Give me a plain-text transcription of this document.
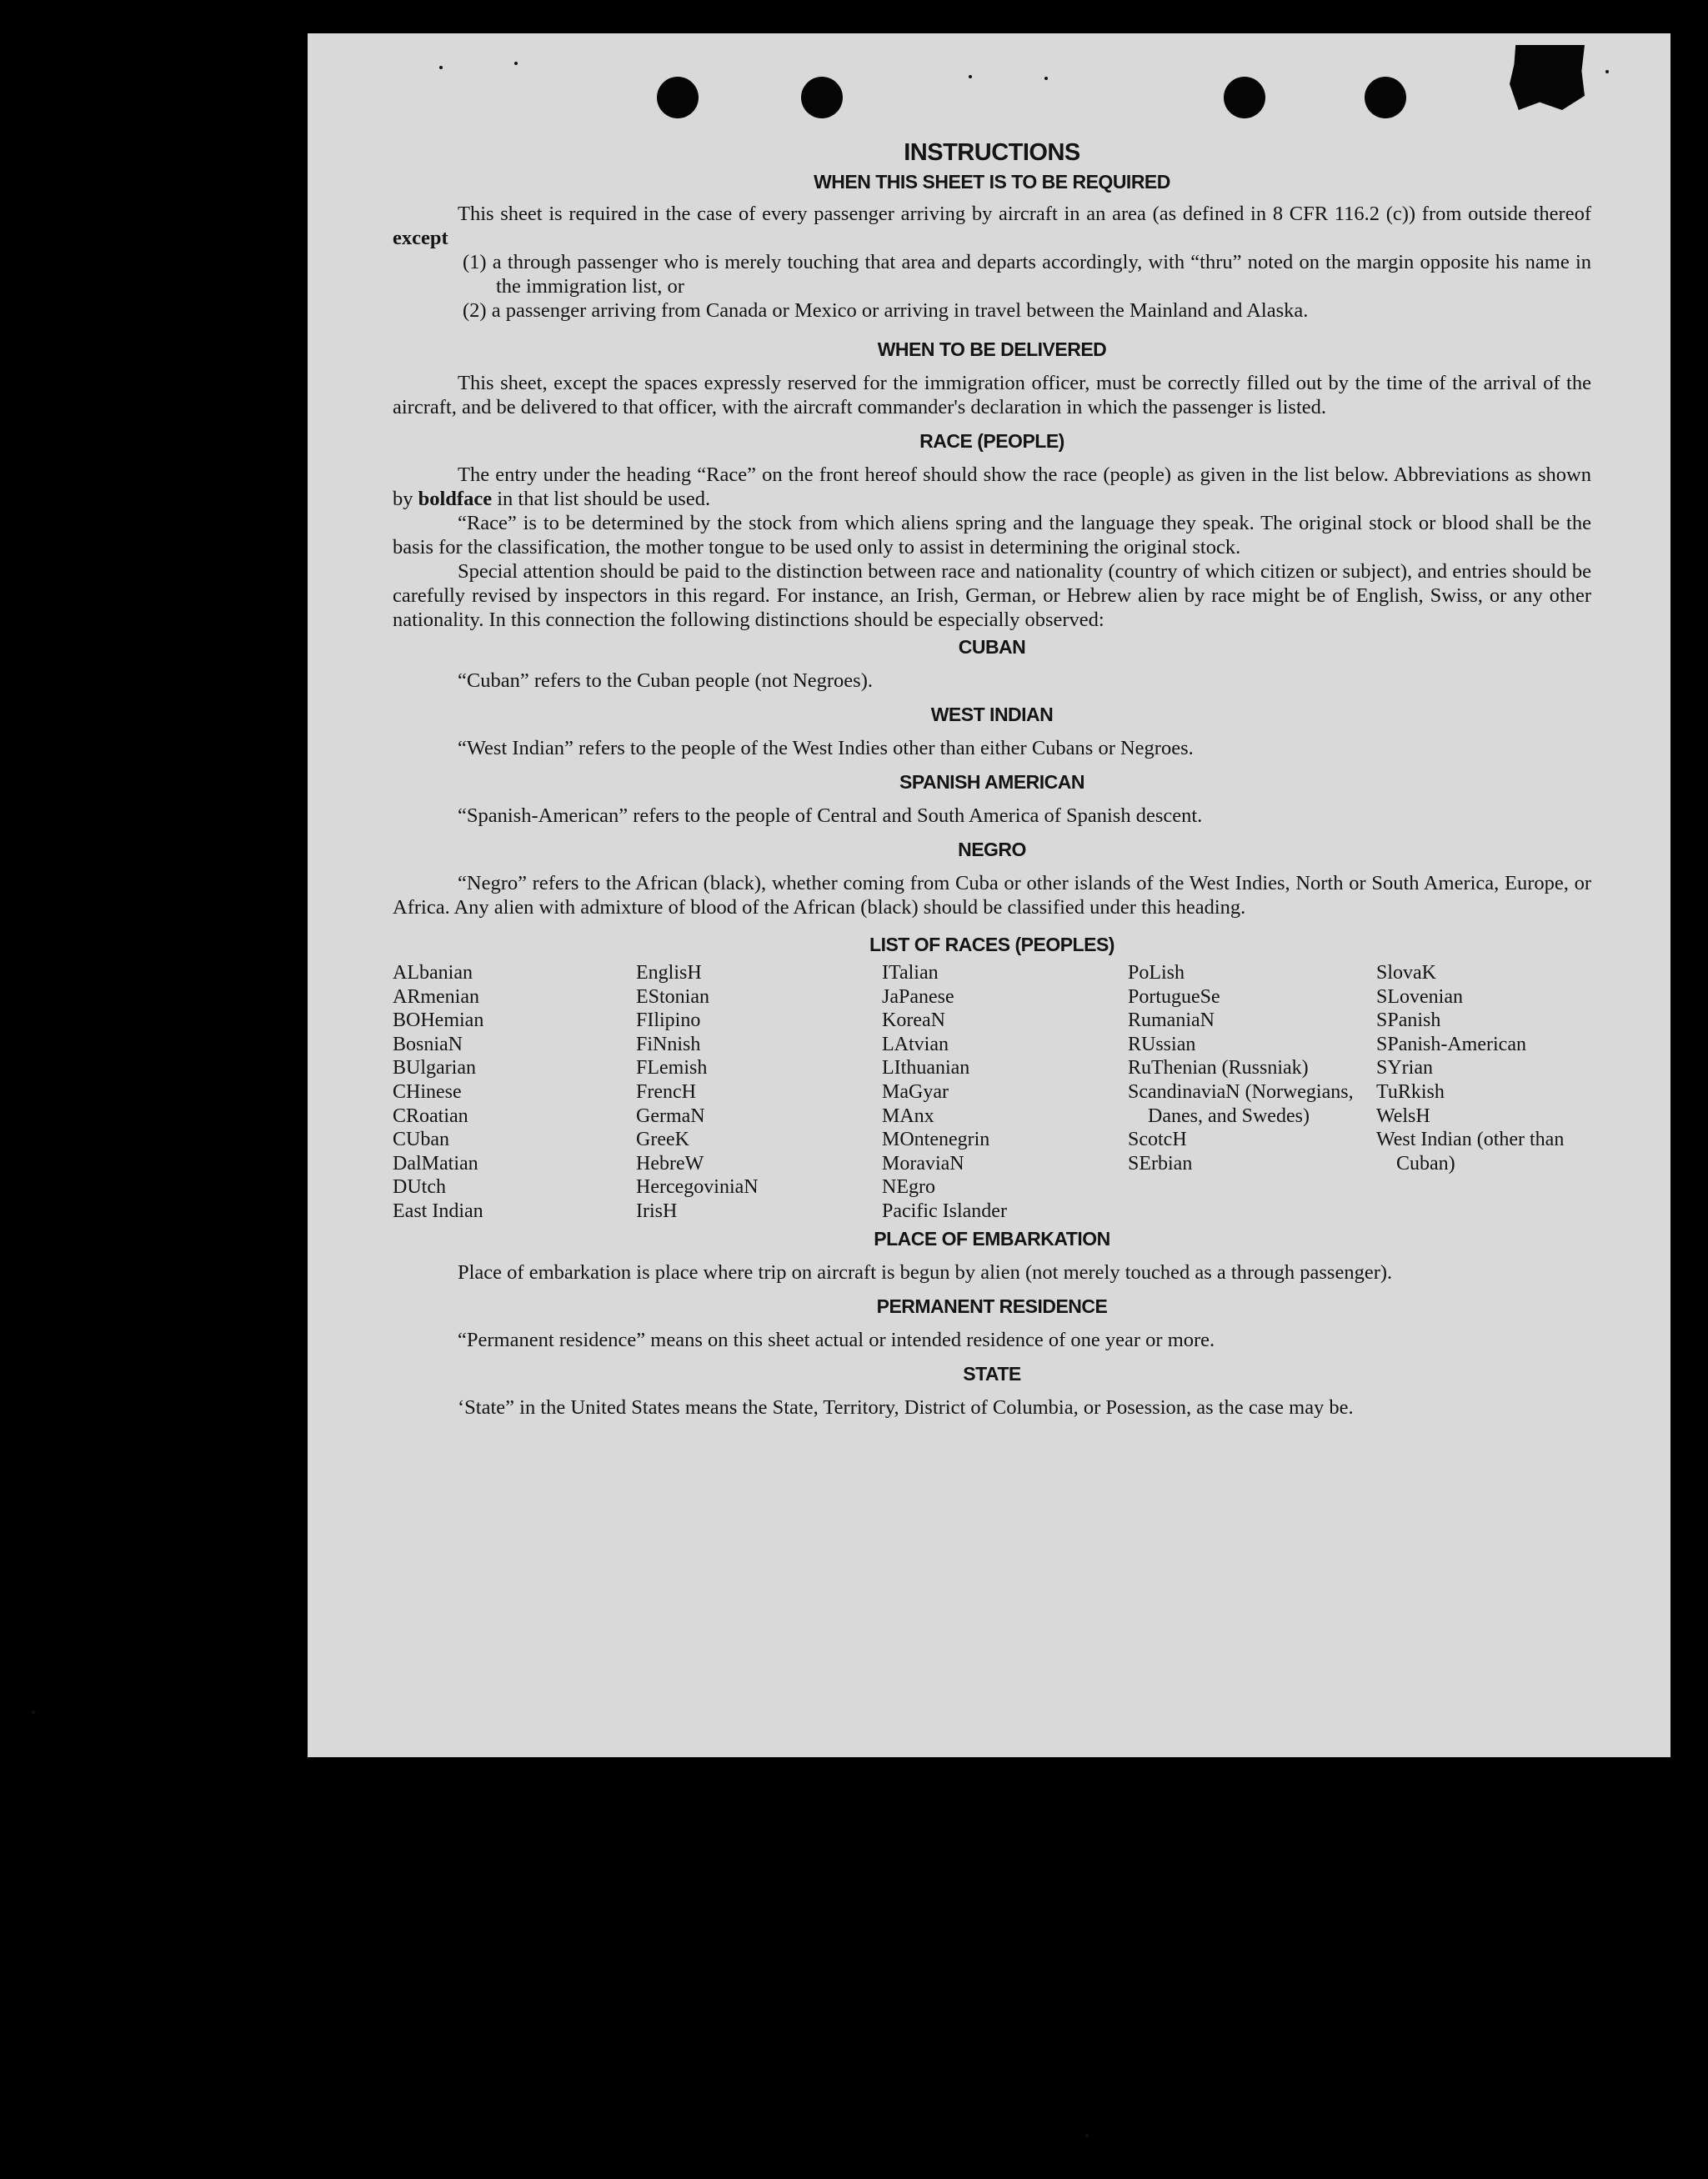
INSTRUCTIONS
WHEN THIS SHEET IS TO BE REQUIRED

This sheet is required in the case of every passenger arriving by aircraft in an area (as defined in 8 CFR 116.2 (c)) from outside thereof except

(1) a through passenger who is merely touching that area and departs accordingly, with “thru” noted on the margin opposite his name in the immigration list, or
(2) a passenger arriving from Canada or Mexico or arriving in travel between the Mainland and Alaska.
WHEN TO BE DELIVERED

This sheet, except the spaces expressly reserved for the immigration officer, must be correctly filled out by the time of the arrival of the aircraft, and be delivered to that officer, with the aircraft commander's declaration in which the passenger is listed.

RACE (PEOPLE)

The entry under the heading “Race” on the front hereof should show the race (people) as given in the list below. Abbreviations as shown by boldface in that list should be used.

“Race” is to be determined by the stock from which aliens spring and the language they speak. The original stock or blood shall be the basis for the classification, the mother tongue to be used only to assist in determining the original stock.

Special attention should be paid to the distinction between race and nationality (country of which citizen or subject), and entries should be carefully revised by inspectors in this regard. For instance, an Irish, German, or Hebrew alien by race might be of English, Swiss, or any other nationality. In this connection the following distinctions should be especially observed:

CUBAN

“Cuban” refers to the Cuban people (not Negroes).

WEST INDIAN

“West Indian” refers to the people of the West Indies other than either Cubans or Negroes.

SPANISH AMERICAN

“Spanish-American” refers to the people of Central and South America of Spanish descent.

NEGRO

“Negro” refers to the African (black), whether coming from Cuba or other islands of the West Indies, North or South America, Europe, or Africa. Any alien with admixture of blood of the African (black) should be classified under this heading.

LIST OF RACES (PEOPLES)
ALbanian
ARmenian
BOHemian
BosniaN
BUlgarian
CHinese
CRoatian
CUban
DalMatian
DUtch
East Indian
EnglisH
EStonian
FIlipino
FiNnish
FLemish
FrencH
GermaN
GreeK
HebreW
HercegoviniaN
IrisH
ITalian
JaPanese
KoreaN
LAtvian
LIthuanian
MaGyar
MAnx
MOntenegrin
MoraviaN
NEgro
Pacific Islander
PoLish
PortugueSe
RumaniaN
RUssian
RuThenian (Russniak)
ScandinaviaN (Norwegians, Danes, and Swedes)
ScotcH
SErbian
SlovaK
SLovenian
SPanish
SPanish-American
SYrian
TuRkish
WelsH
West Indian (other than Cuban)
PLACE OF EMBARKATION

Place of embarkation is place where trip on aircraft is begun by alien (not merely touched as a through passenger).

PERMANENT RESIDENCE

“Permanent residence” means on this sheet actual or intended residence of one year or more.

STATE

‘State” in the United States means the State, Territory, District of Columbia, or Posession, as the case may be.
